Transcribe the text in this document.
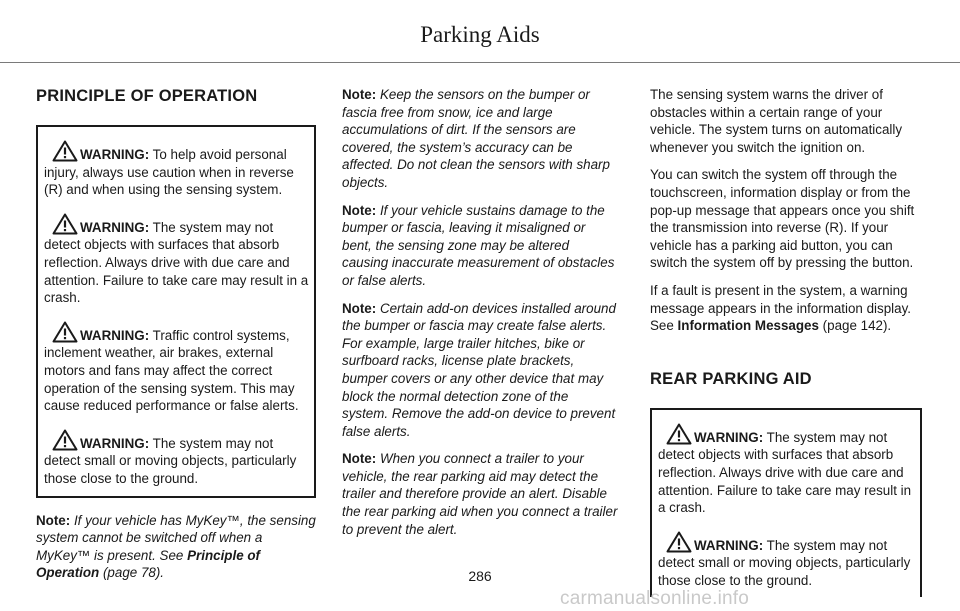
Parking Aids
PRINCIPLE OF OPERATION
WARNING: To help avoid personal injury, always use caution when in reverse (R) and when using the sensing system.
WARNING: The system may not detect objects with surfaces that absorb reflection. Always drive with due care and attention. Failure to take care may result in a crash.
WARNING: Traffic control systems, inclement weather, air brakes, external motors and fans may affect the correct operation of the sensing system. This may cause reduced performance or false alerts.
WARNING: The system may not detect small or moving objects, particularly those close to the ground.

Note: If your vehicle has MyKey™, the sensing system cannot be switched off when a MyKey™ is present. See Principle of Operation (page 78).

Note: Keep the sensors on the bumper or fascia free from snow, ice and large accumulations of dirt. If the sensors are covered, the system’s accuracy can be affected. Do not clean the sensors with sharp objects.

Note: If your vehicle sustains damage to the bumper or fascia, leaving it misaligned or bent, the sensing zone may be altered causing inaccurate measurement of obstacles or false alerts.

Note: Certain add-on devices installed around the bumper or fascia may create false alerts. For example, large trailer hitches, bike or surfboard racks, license plate brackets, bumper covers or any other device that may block the normal detection zone of the system. Remove the add-on device to prevent false alerts.

Note: When you connect a trailer to your vehicle, the rear parking aid may detect the trailer and therefore provide an alert. Disable the rear parking aid when you connect a trailer to prevent the alert.

The sensing system warns the driver of obstacles within a certain range of your vehicle. The system turns on automatically whenever you switch the ignition on.

You can switch the system off through the touchscreen, information display or from the pop-up message that appears once you shift the transmission into reverse (R). If your vehicle has a parking aid button, you can switch the system off by pressing the button.

If a fault is present in the system, a warning message appears in the information display. See Information Messages (page 142).

REAR PARKING AID
WARNING: The system may not detect objects with surfaces that absorb reflection. Always drive with due care and attention. Failure to take care may result in a crash.
WARNING: The system may not detect small or moving objects, particularly those close to the ground.
286
carmanualsonline.info
